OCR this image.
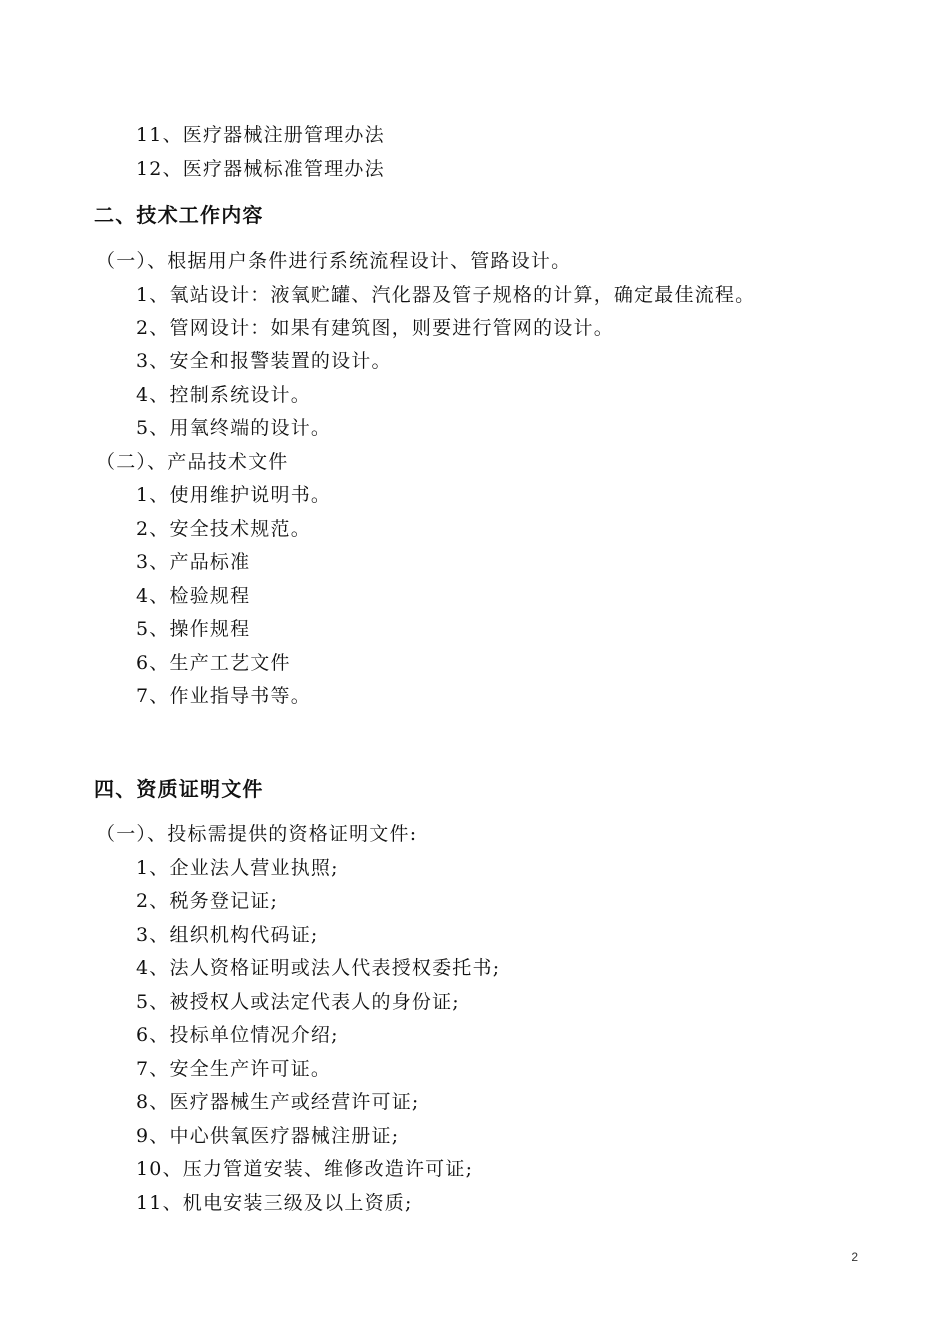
11、医疗器械注册管理办法
12、医疗器械标准管理办法
二、技术工作内容
（一）、根据用户条件进行系统流程设计、管路设计。
1、氧站设计：液氧贮罐、汽化器及管子规格的计算，确定最佳流程。
2、管网设计：如果有建筑图，则要进行管网的设计。
3、安全和报警装置的设计。
4、控制系统设计。
5、用氧终端的设计。
（二）、产品技术文件
1、使用维护说明书。
2、安全技术规范。
3、产品标准
4、检验规程
5、操作规程
6、生产工艺文件
7、作业指导书等。
四、资质证明文件
（一）、投标需提供的资格证明文件:
1、企业法人营业执照;
2、税务登记证;
3、组织机构代码证;
4、法人资格证明或法人代表授权委托书;
5、被授权人或法定代表人的身份证;
6、投标单位情况介绍;
7、安全生产许可证。
8、医疗器械生产或经营许可证;
9、中心供氧医疗器械注册证;
10、压力管道安装、维修改造许可证;
11、机电安装三级及以上资质;
2
